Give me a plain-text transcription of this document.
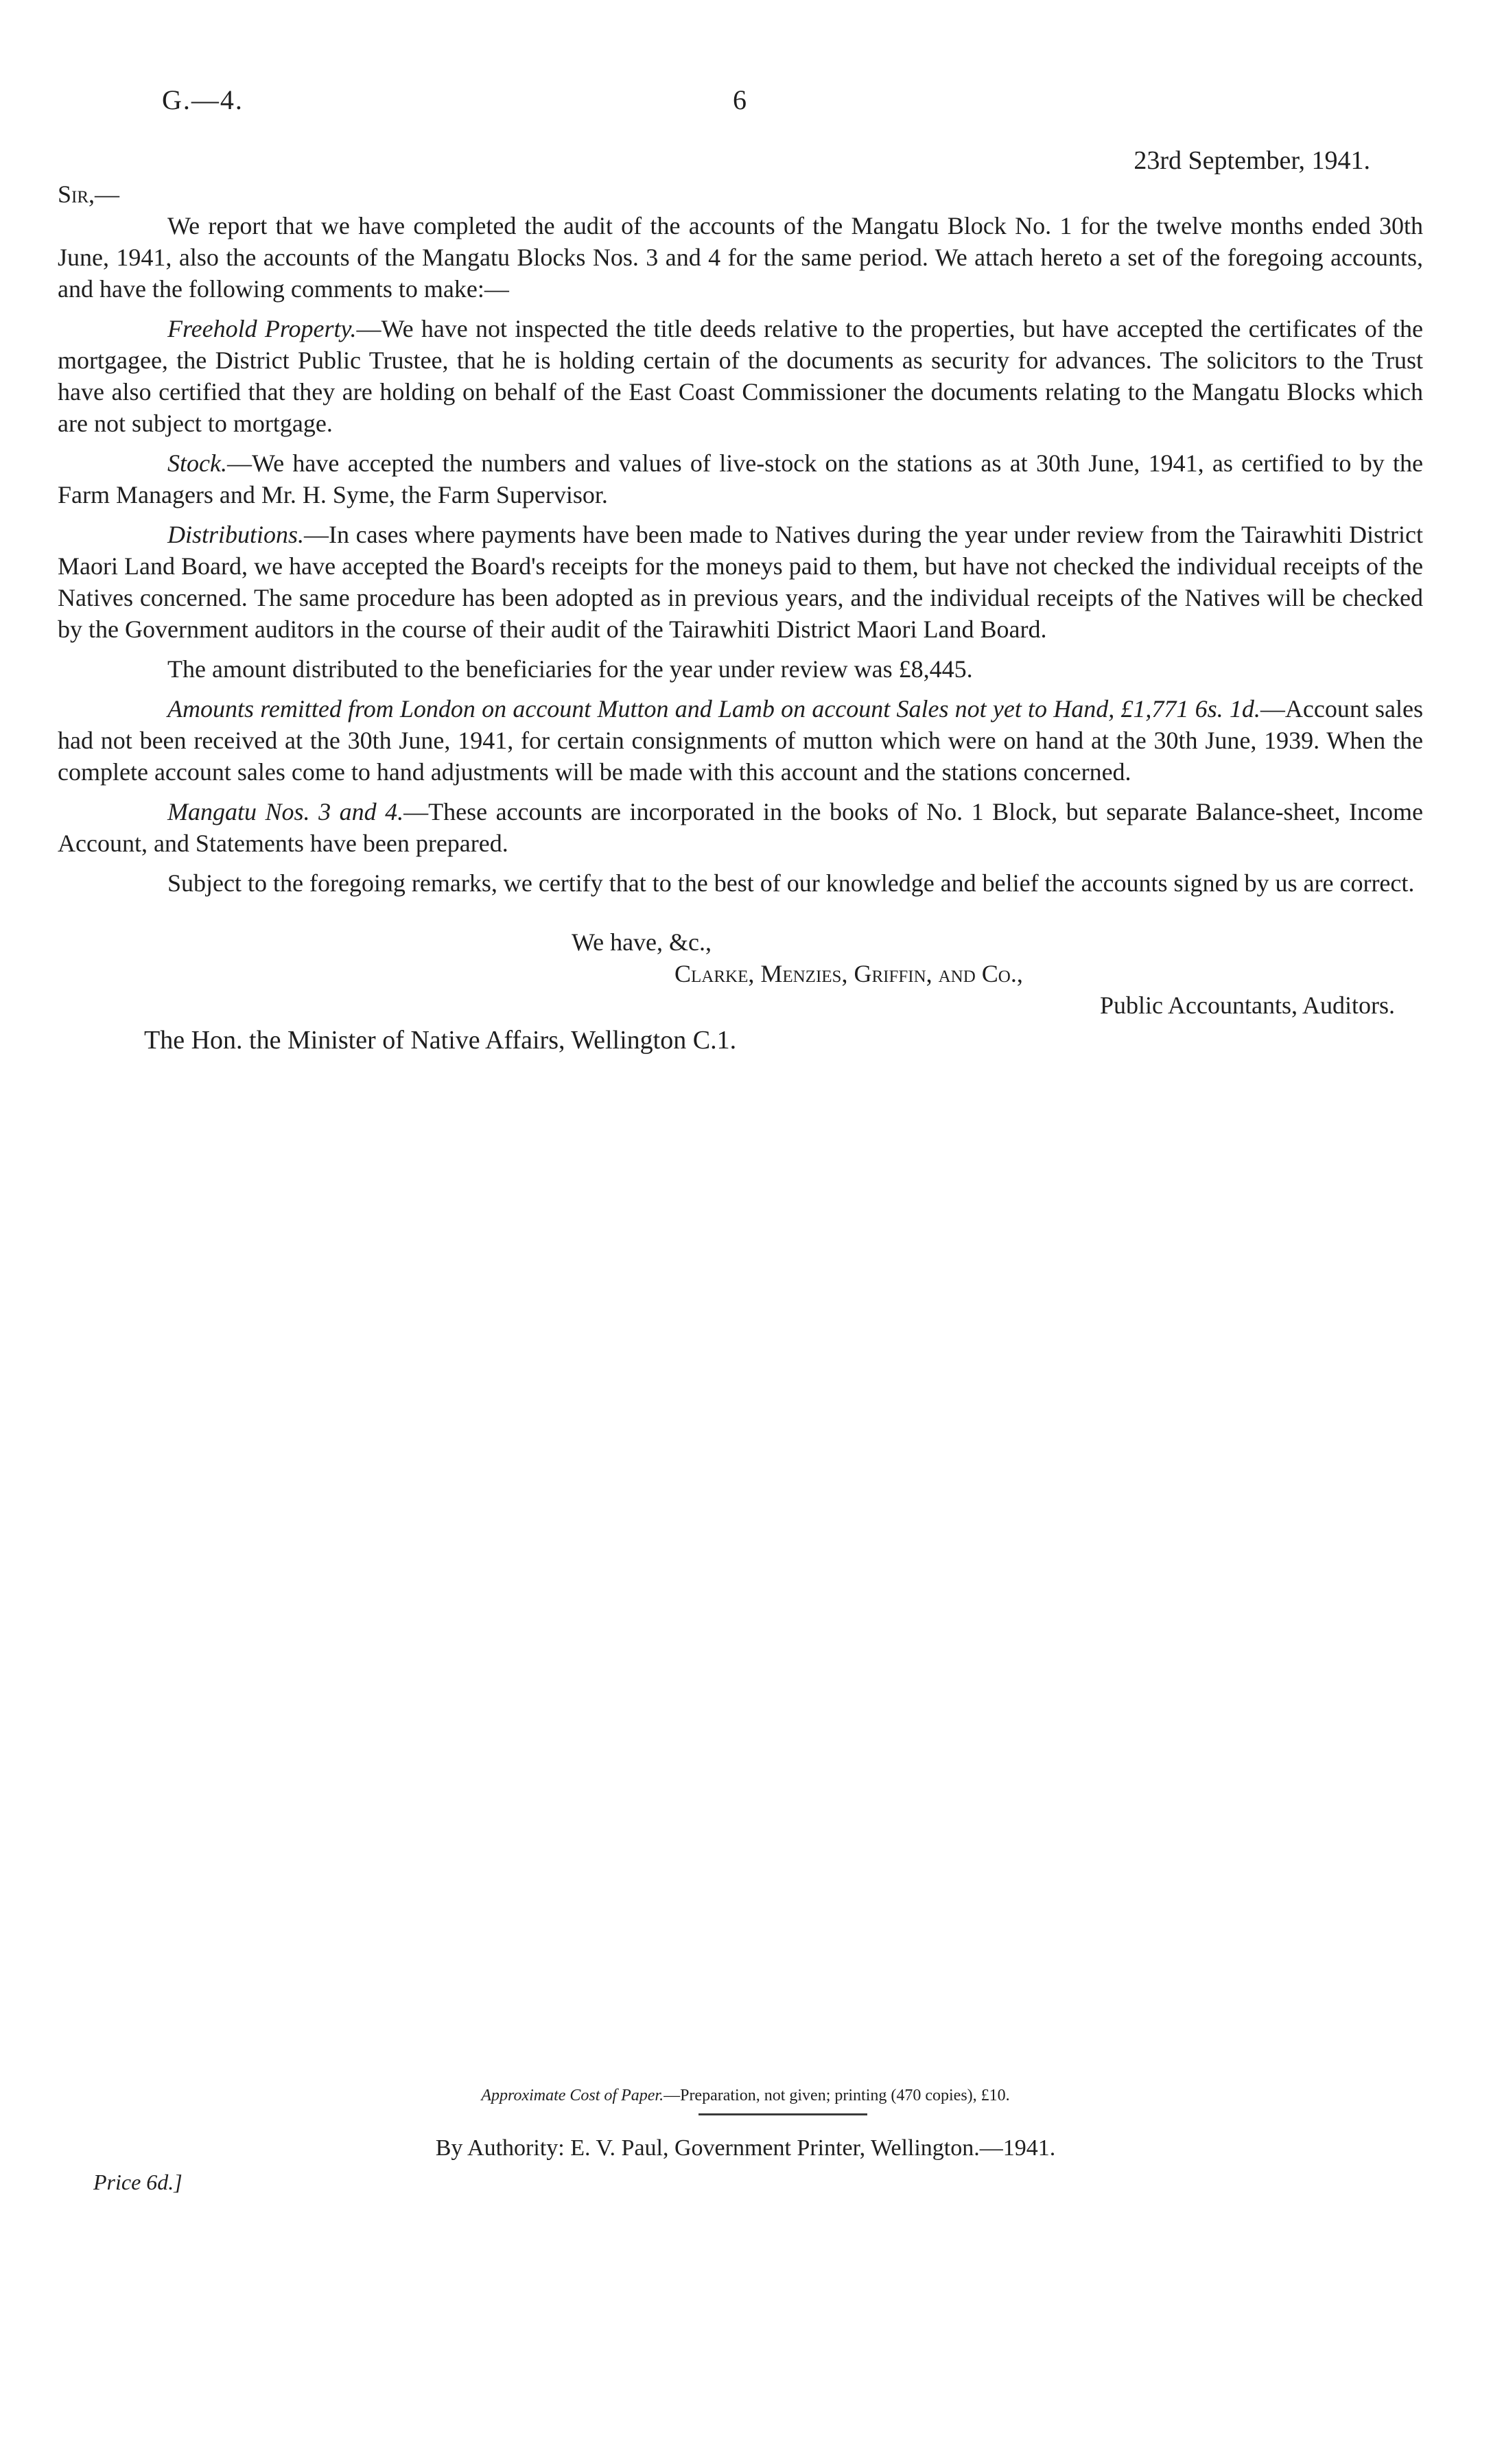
G.—4.	6
23rd September, 1941.
Sir,—

We report that we have completed the audit of the accounts of the Mangatu Block No. 1 for the twelve months ended 30th June, 1941, also the accounts of the Mangatu Blocks Nos. 3 and 4 for the same period. We attach hereto a set of the foregoing accounts, and have the following comments to make:—

Freehold Property.—We have not inspected the title deeds relative to the properties, but have accepted the certificates of the mortgagee, the District Public Trustee, that he is holding certain of the documents as security for advances. The solicitors to the Trust have also certified that they are holding on behalf of the East Coast Commissioner the documents relating to the Mangatu Blocks which are not subject to mortgage.

Stock.—We have accepted the numbers and values of live-stock on the stations as at 30th June, 1941, as certified to by the Farm Managers and Mr. H. Syme, the Farm Supervisor.

Distributions.—In cases where payments have been made to Natives during the year under review from the Tairawhiti District Maori Land Board, we have accepted the Board's receipts for the moneys paid to them, but have not checked the individual receipts of the Natives concerned. The same procedure has been adopted as in previous years, and the individual receipts of the Natives will be checked by the Government auditors in the course of their audit of the Tairawhiti District Maori Land Board.

The amount distributed to the beneficiaries for the year under review was £8,445.

Amounts remitted from London on account Mutton and Lamb on account Sales not yet to Hand, £1,771 6s. 1d.—Account sales had not been received at the 30th June, 1941, for certain consignments of mutton which were on hand at the 30th June, 1939. When the complete account sales come to hand adjustments will be made with this account and the stations concerned.

Mangatu Nos. 3 and 4.—These accounts are incorporated in the books of No. 1 Block, but separate Balance-sheet, Income Account, and Statements have been prepared.

Subject to the foregoing remarks, we certify that to the best of our knowledge and belief the accounts signed by us are correct.

We have, &c.,
Clarke, Menzies, Griffin, and Co.,
Public Accountants, Auditors.
The Hon. the Minister of Native Affairs, Wellington C.1.
Approximate Cost of Paper.—Preparation, not given; printing (470 copies), £10.
By Authority: E. V. Paul, Government Printer, Wellington.—1941.
Price 6d.]
